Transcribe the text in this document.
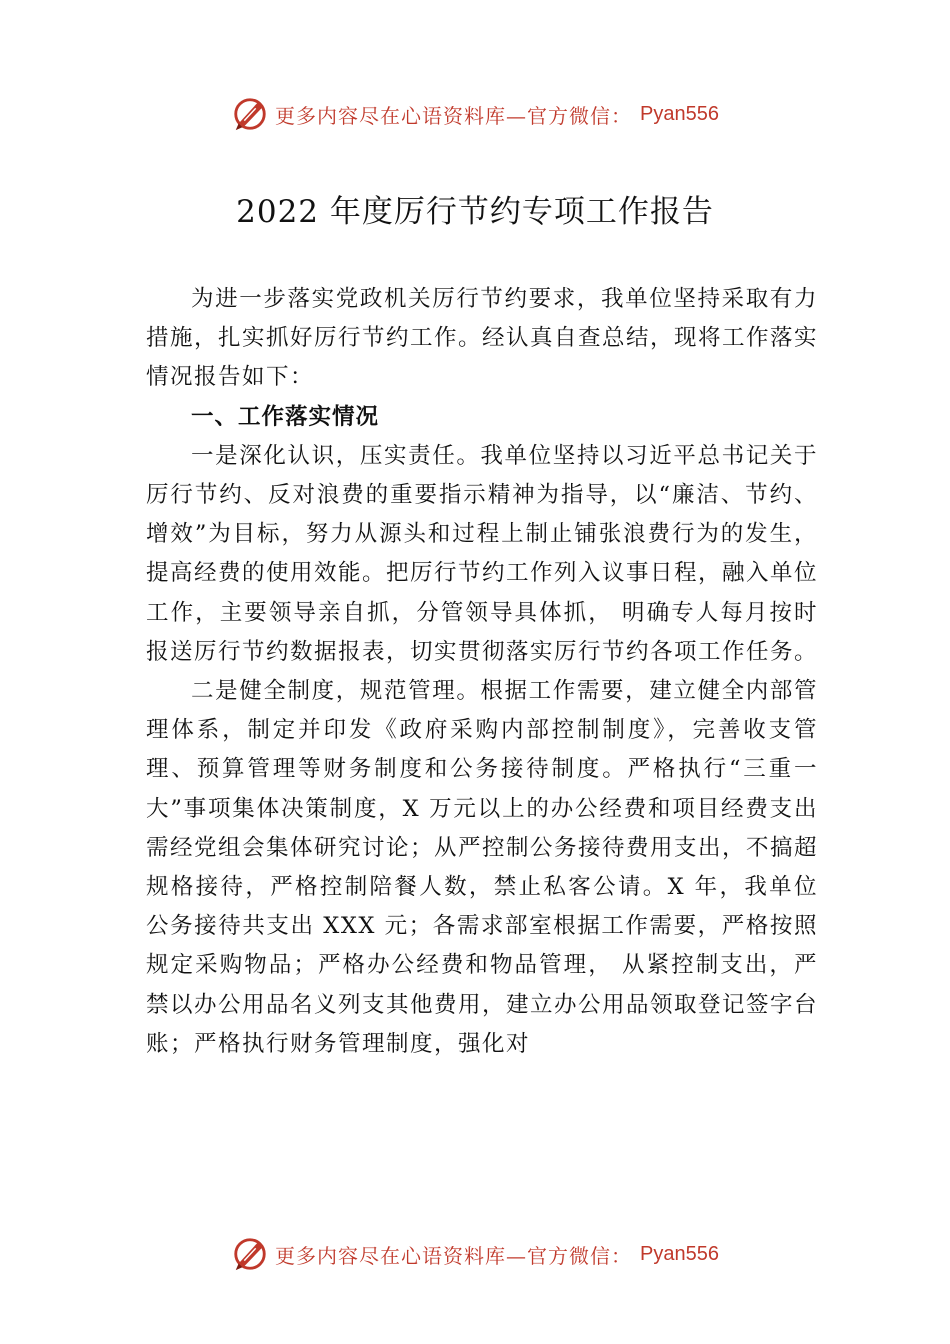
更多内容尽在心语资料库—官方微信： Pyan556
2022 年度厉行节约专项工作报告

为进一步落实党政机关厉行节约要求，我单位坚持采取有力措施，扎实抓好厉行节约工作。经认真自查总结，现将工作落实情况报告如下：

一、工作落实情况

一是深化认识，压实责任。我单位坚持以习近平总书记关于厉行节约、反对浪费的重要指示精神为指导，以“廉洁、节约、增效”为目标，努力从源头和过程上制止铺张浪费行为的发生，提高经费的使用效能。把厉行节约工作列入议事日程，融入单位工作，主要领导亲自抓，分管领导具体抓， 明确专人每月按时报送厉行节约数据报表，切实贯彻落实厉行节约各项工作任务。

二是健全制度，规范管理。根据工作需要，建立健全内部管理体系，制定并印发《政府采购内部控制制度》，完善收支管理、预算管理等财务制度和公务接待制度。严格执行“三重一大”事项集体决策制度，X 万元以上的办公经费和项目经费支出需经党组会集体研究讨论；从严控制公务接待费用支出，不搞超规格接待，严格控制陪餐人数，禁止私客公请。X 年，我单位公务接待共支出 XXX 元；各需求部室根据工作需要，严格按照规定采购物品；严格办公经费和物品管理， 从紧控制支出，严禁以办公用品名义列支其他费用，建立办公用品领取登记签字台账；严格执行财务管理制度，强化对

更多内容尽在心语资料库—官方微信： Pyan556
